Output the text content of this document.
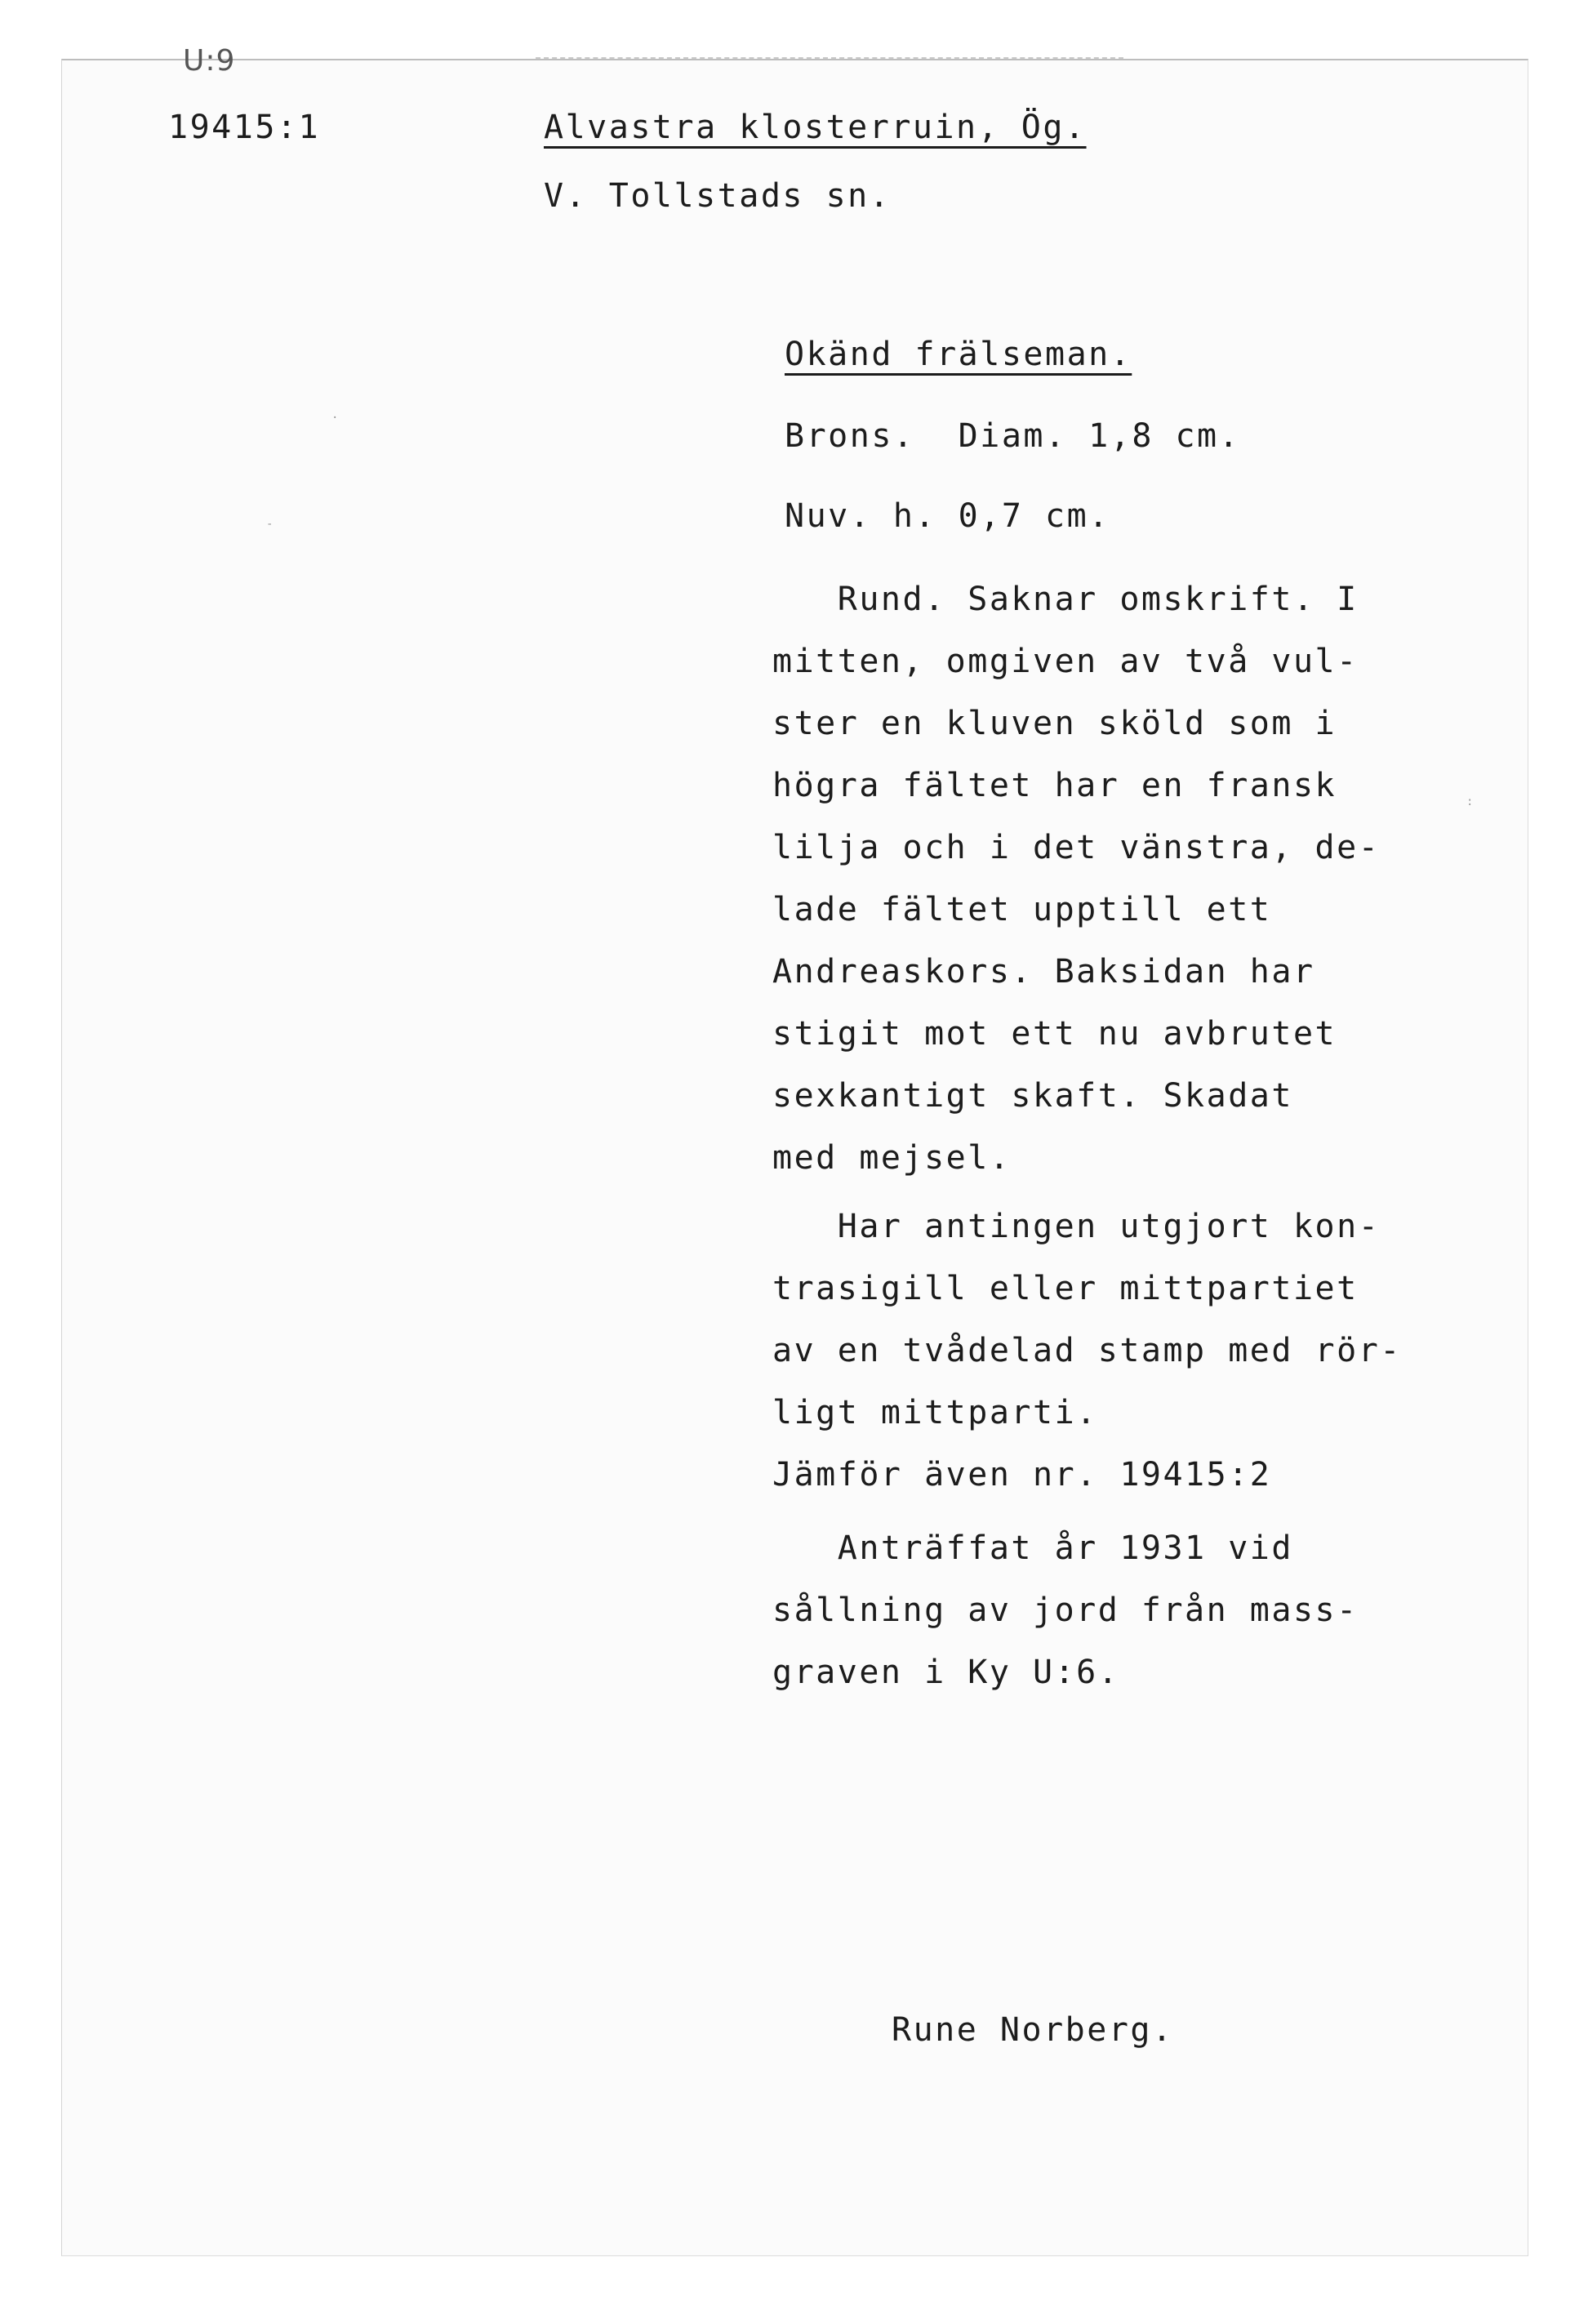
U:9
19415:1	Alvastra klosterruin, Ög.
V. Tollstads sn.
Okänd frälseman.
Brons.  Diam. 1,8 cm.
Nuv. h. 0,7 cm.
Rund. Saknar omskrift. I
mitten, omgiven av två vul-
ster en kluven sköld som i
högra fältet har en fransk
lilja och i det vänstra, de-
lade fältet upptill ett
Andreaskors. Baksidan har
stigit mot ett nu avbrutet
sexkantigt skaft. Skadat
med mejsel.
Har antingen utgjort kon-
trasigill eller mittpartiet
av en tvådelad stamp med rör-
ligt mittparti.
Jämför även nr. 19415:2
Anträffat år 1931 vid
sållning av jord från mass-
graven i Ky U:6.
Rune Norberg.
-
·
:
